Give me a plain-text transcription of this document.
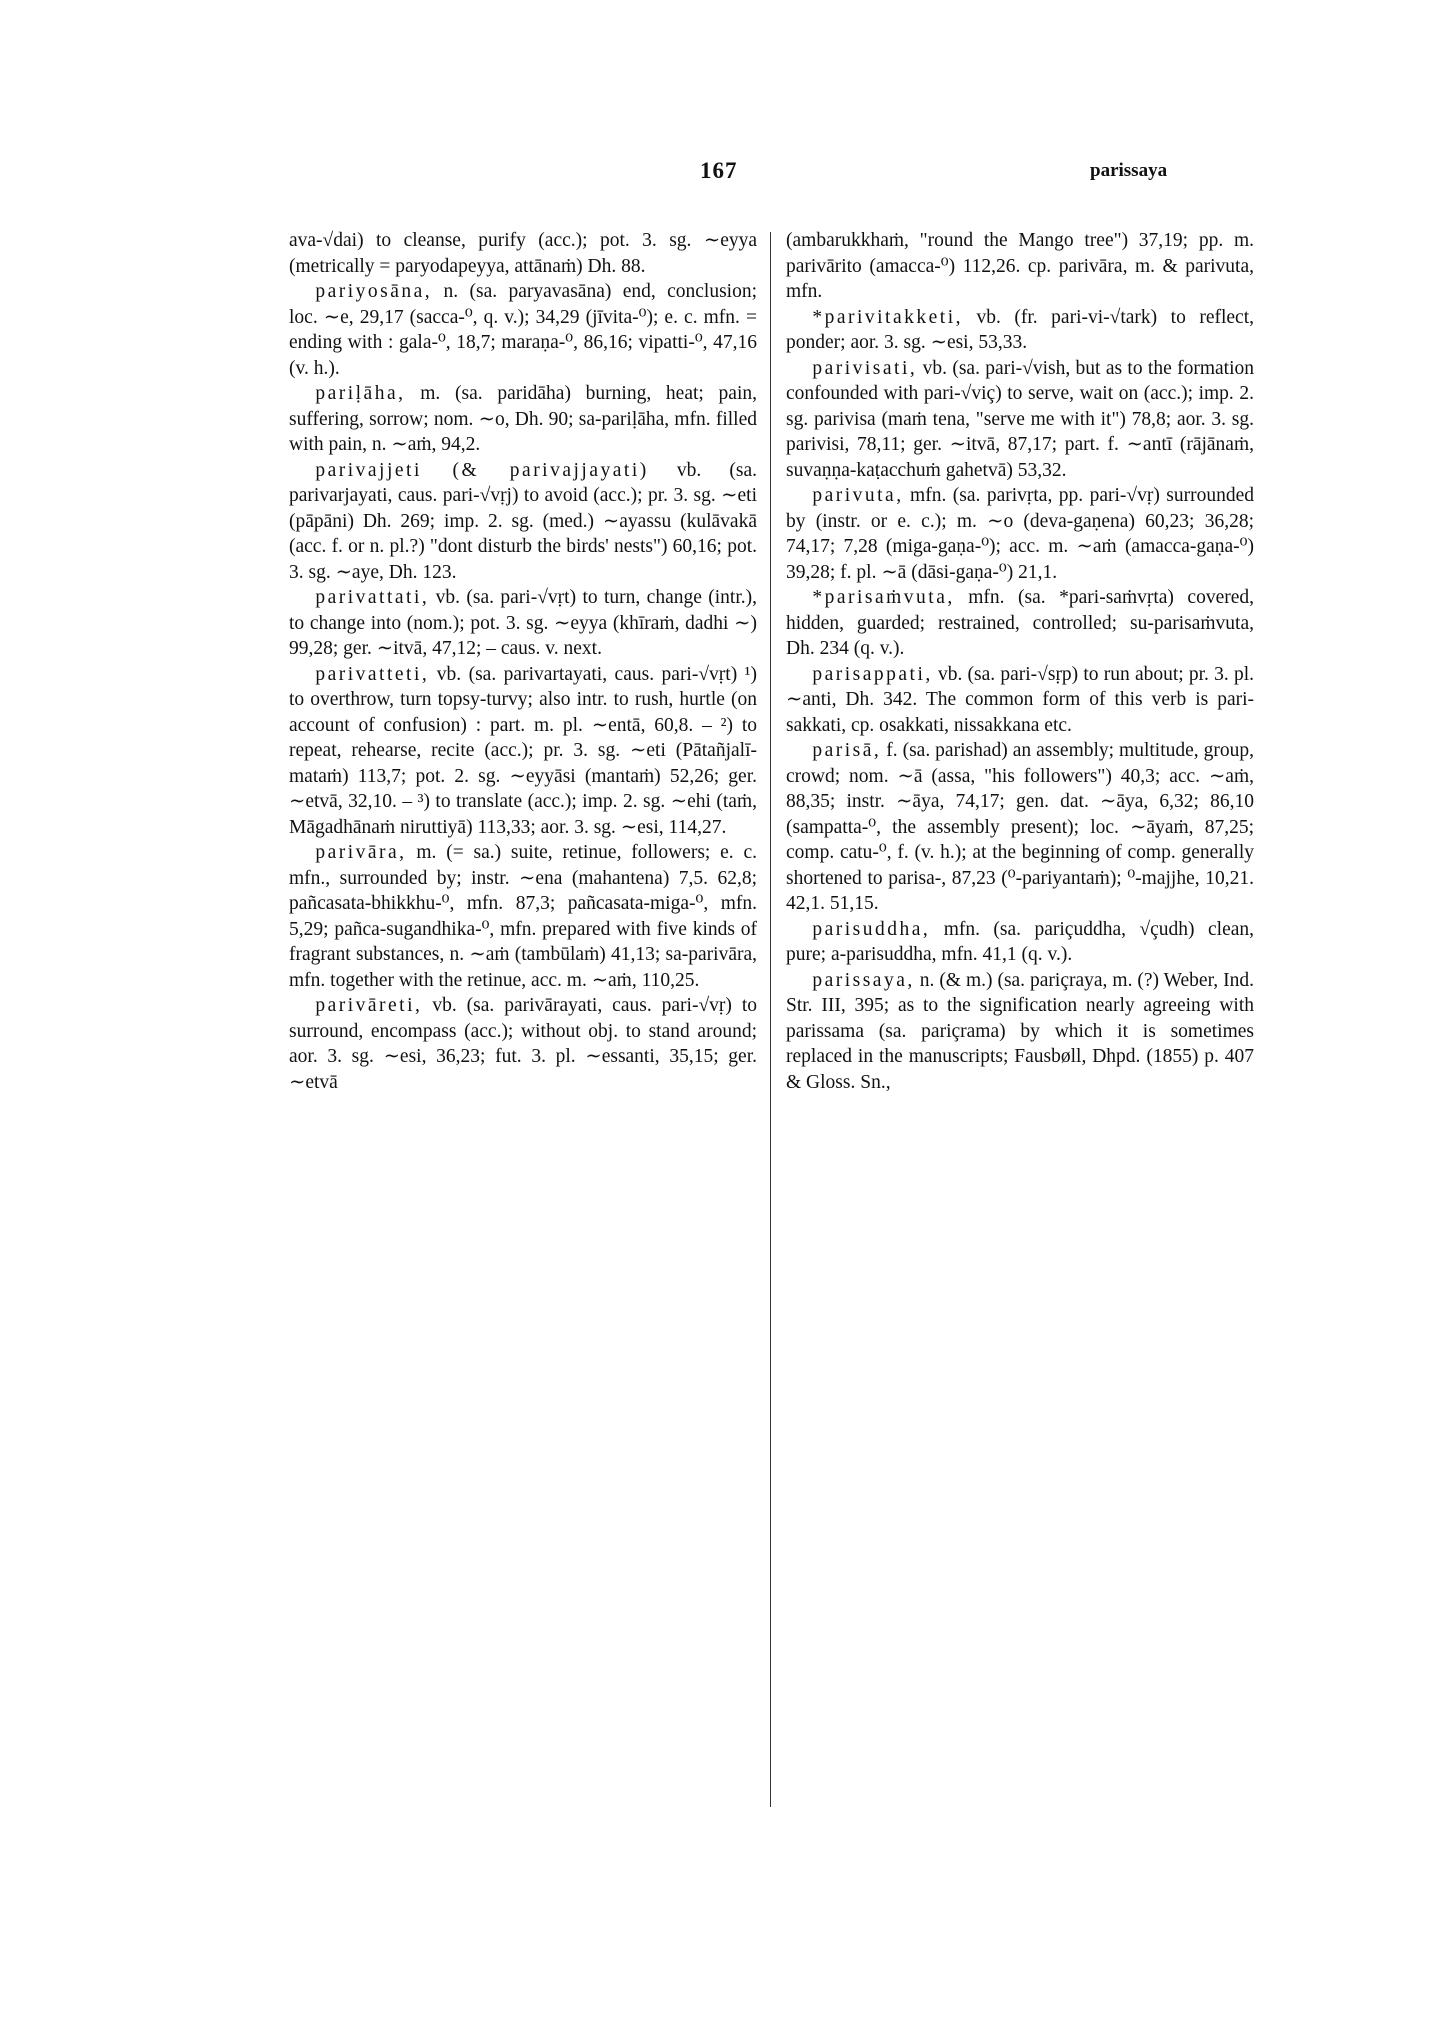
167	parissaya

ava-√dai) to cleanse, purify (acc.); pot. 3. sg. ∼eyya (metrically = paryodapeyya, attānaṁ) Dh. 88.

pariyosāna, n. (sa. paryavasāna) end, conclusion; loc. ∼e, 29,17 (sacca-⁰, q. v.); 34,29 (jīvita-⁰); e. c. mfn. = ending with : gala-⁰, 18,7; maraṇa-⁰, 86,16; vipatti-⁰, 47,16 (v. h.).

pariḷāha, m. (sa. paridāha) burning, heat; pain, suffering, sorrow; nom. ∼o, Dh. 90; sa-pariḷāha, mfn. filled with pain, n. ∼aṁ, 94,2.

parivajjeti (& parivajjayati) vb. (sa. parivarjayati, caus. pari-√vṛj) to avoid (acc.); pr. 3. sg. ∼eti (pāpāni) Dh. 269; imp. 2. sg. (med.) ∼ayassu (kulāvakā (acc. f. or n. pl.?) "dont disturb the birds' nests") 60,16; pot. 3. sg. ∼aye, Dh. 123.

parivattati, vb. (sa. pari-√vṛt) to turn, change (intr.), to change into (nom.); pot. 3. sg. ∼eyya (khīraṁ, dadhi ∼) 99,28; ger. ∼itvā, 47,12; – caus. v. next.

parivatteti, vb. (sa. parivartayati, caus. pari-√vṛt) ¹) to overthrow, turn topsy-turvy; also intr. to rush, hurtle (on account of confusion) : part. m. pl. ∼entā, 60,8. – ²) to repeat, rehearse, recite (acc.); pr. 3. sg. ∼eti (Pātañjalī-mataṁ) 113,7; pot. 2. sg. ∼eyyāsi (mantaṁ) 52,26; ger. ∼etvā, 32,10. – ³) to translate (acc.); imp. 2. sg. ∼ehi (taṁ, Māgadhānaṁ niruttiyā) 113,33; aor. 3. sg. ∼esi, 114,27.

parivāra, m. (= sa.) suite, retinue, followers; e. c. mfn., surrounded by; instr. ∼ena (mahantena) 7,5. 62,8; pañcasata-bhikkhu-⁰, mfn. 87,3; pañcasata-miga-⁰, mfn. 5,29; pañca-sugandhika-⁰, mfn. prepared with five kinds of fragrant substances, n. ∼aṁ (tambūlaṁ) 41,13; sa-parivāra, mfn. together with the retinue, acc. m. ∼aṁ, 110,25.

parivāreti, vb. (sa. parivārayati, caus. pari-√vṛ) to surround, encompass (acc.); without obj. to stand around; aor. 3. sg. ∼esi, 36,23; fut. 3. pl. ∼essanti, 35,15; ger. ∼etvā

(ambarukkhaṁ, "round the Mango tree") 37,19; pp. m. parivārito (amacca-⁰) 112,26. cp. parivāra, m. & parivuta, mfn.

*parivitakketi, vb. (fr. pari-vi-√tark) to reflect, ponder; aor. 3. sg. ∼esi, 53,33.

parivisati, vb. (sa. pari-√vish, but as to the formation confounded with pari-√viç) to serve, wait on (acc.); imp. 2. sg. parivisa (maṁ tena, "serve me with it") 78,8; aor. 3. sg. parivisi, 78,11; ger. ∼itvā, 87,17; part. f. ∼antī (rājānaṁ, suvaṇṇa-kaṭacchuṁ gahetvā) 53,32.

parivuta, mfn. (sa. parivṛta, pp. pari-√vṛ) surrounded by (instr. or e. c.); m. ∼o (deva-gaṇena) 60,23; 36,28; 74,17; 7,28 (miga-gaṇa-⁰); acc. m. ∼aṁ (amacca-gaṇa-⁰) 39,28; f. pl. ∼ā (dāsi-gaṇa-⁰) 21,1.

*parisaṁvuta, mfn. (sa. *pari-saṁvṛta) covered, hidden, guarded; restrained, controlled; su-parisaṁvuta, Dh. 234 (q. v.).

parisappati, vb. (sa. pari-√sṛp) to run about; pr. 3. pl. ∼anti, Dh. 342. The common form of this verb is pari-sakkati, cp. osakkati, nissakkana etc.

parisā, f. (sa. parishad) an assembly; multitude, group, crowd; nom. ∼ā (assa, "his followers") 40,3; acc. ∼aṁ, 88,35; instr. ∼āya, 74,17; gen. dat. ∼āya, 6,32; 86,10 (sampatta-⁰, the assembly present); loc. ∼āyaṁ, 87,25; comp. catu-⁰, f. (v. h.); at the beginning of comp. generally shortened to parisa-, 87,23 (⁰-pariyantaṁ); ⁰-majjhe, 10,21. 42,1. 51,15.

parisuddha, mfn. (sa. pariçuddha, √çudh) clean, pure; a-parisuddha, mfn. 41,1 (q. v.).

parissaya, n. (& m.) (sa. pariçraya, m. (?) Weber, Ind. Str. III, 395; as to the signification nearly agreeing with parissama (sa. pariçrama) by which it is sometimes replaced in the manuscripts; Fausbøll, Dhpd. (1855) p. 407 & Gloss. Sn.,
